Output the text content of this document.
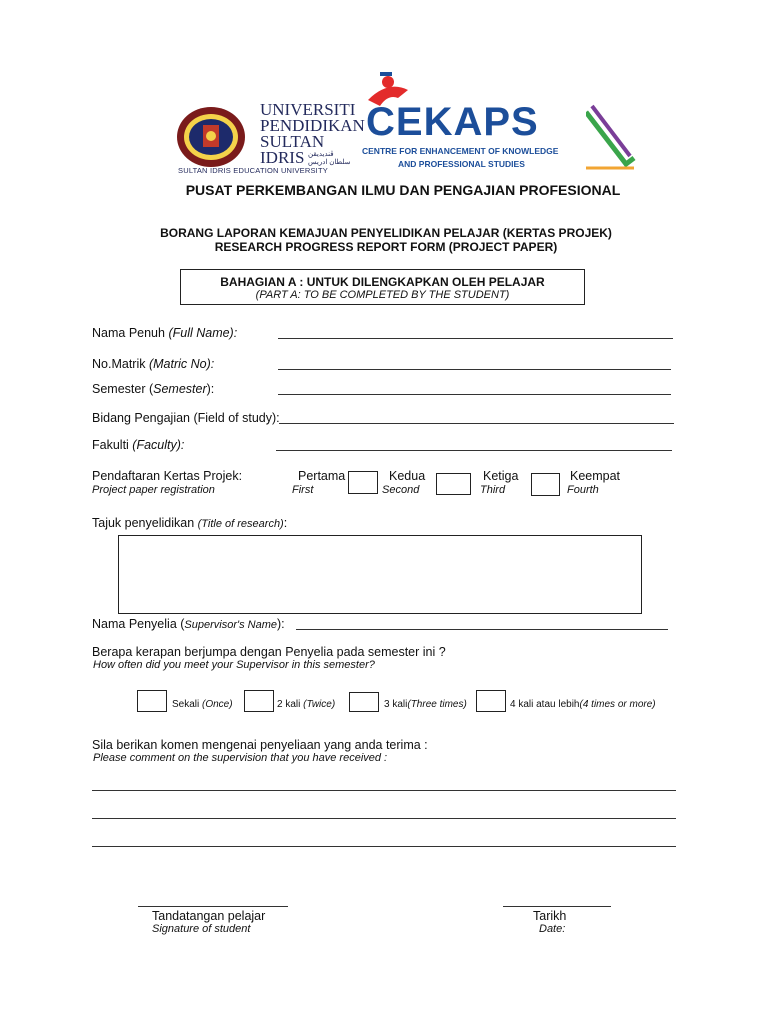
UNIVERSITI
PENDIDIKAN
SULTAN IDRIS ڤنديديقن سلطان ادريس
SULTAN IDRIS EDUCATION UNIVERSITY
CEKAPS
CENTRE FOR ENHANCEMENT OF KNOWLEDGE
AND PROFESSIONAL STUDIES
PUSAT PERKEMBANGAN ILMU DAN PENGAJIAN PROFESIONAL
BORANG LAPORAN KEMAJUAN PENYELIDIKAN PELAJAR (KERTAS PROJEK)
RESEARCH PROGRESS REPORT FORM (PROJECT PAPER)
BAHAGIAN A : UNTUK DILENGKAPKAN OLEH PELAJAR
(PART A: TO BE COMPLETED BY THE STUDENT)
Nama Penuh (Full Name):
No.Matrik (Matric No):
Semester (Semester):
Bidang Pengajian (Field of study):
Fakulti (Faculty):
Pendaftaran Kertas Projek:
Project paper registration
Pertama
First
Kedua
Second
Ketiga
Third
Keempat
Fourth
Tajuk penyelidikan (Title of research):
Nama Penyelia (Supervisor's Name):
Berapa kerapan berjumpa dengan Penyelia pada semester ini ?
How often did you meet your Supervisor in this semester?
Sekali (Once)	2 kali (Twice)	3 kali(Three times)	4 kali atau lebih(4 times or more)
Sila berikan komen mengenai penyeliaan yang anda terima :
Please comment on the supervision that you have received :
Tandatangan pelajar
Signature of student
Tarikh
Date:
